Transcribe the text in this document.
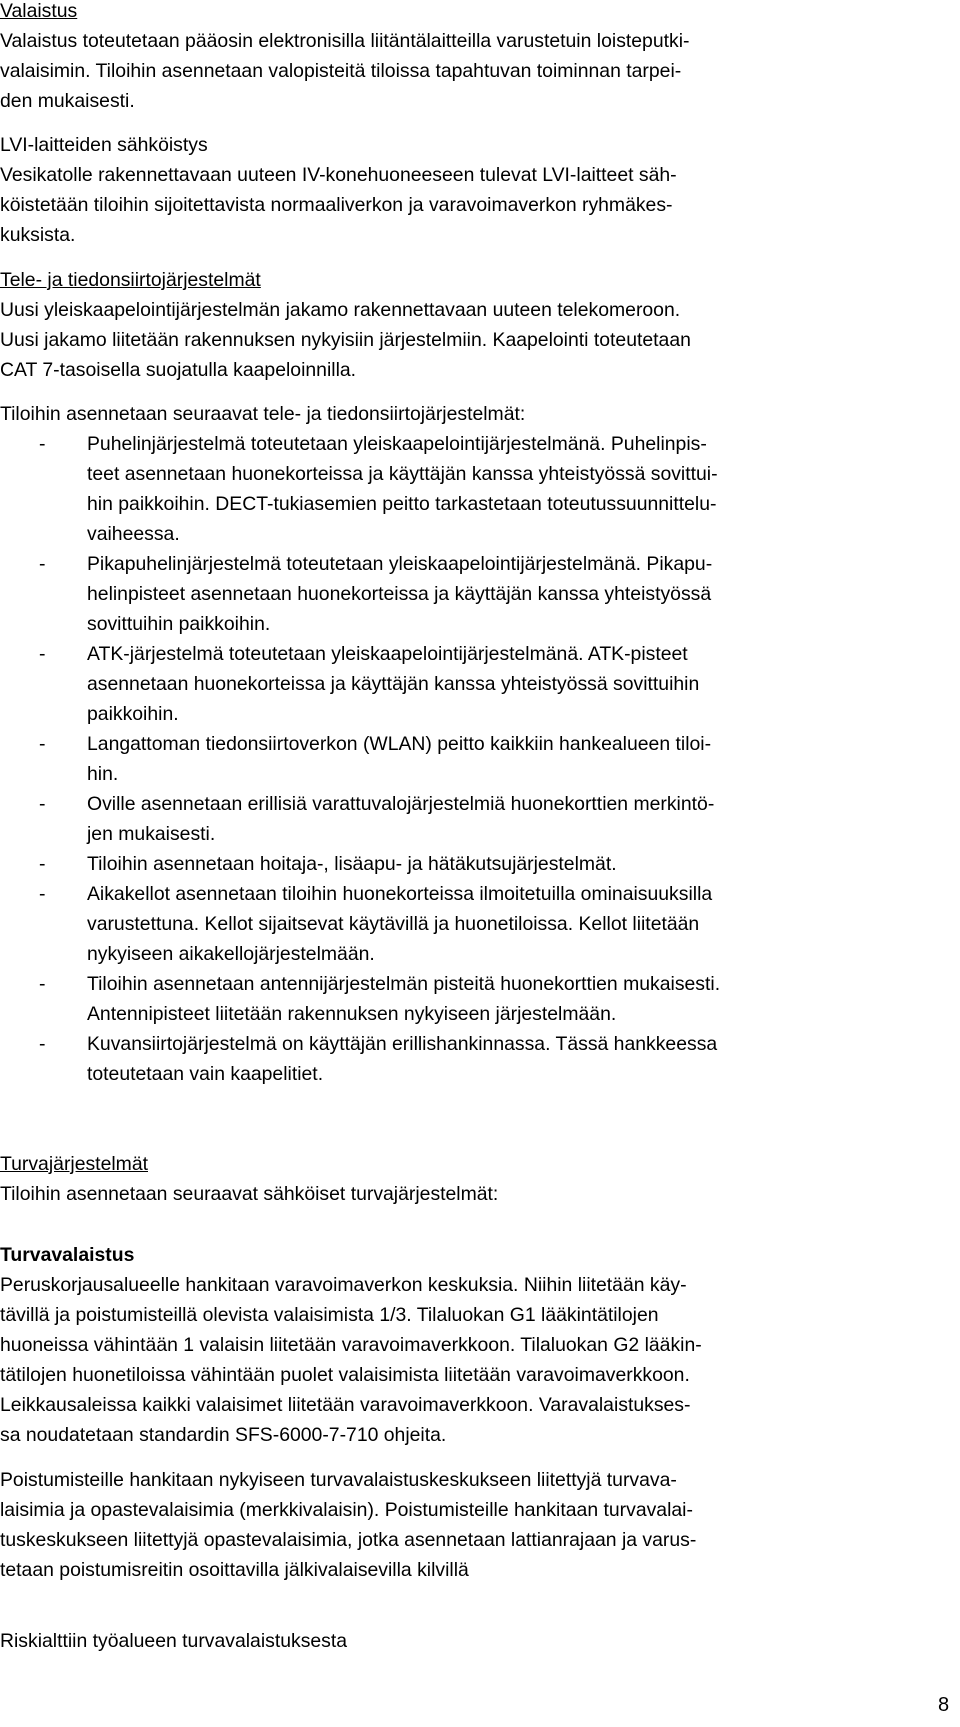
Valaistus
Valaistus toteutetaan pääosin elektronisilla liitäntälaitteilla varustetuin loisteputki-
valaisimin. Tiloihin asennetaan valopisteitä tiloissa tapahtuvan toiminnan tarpei-
den mukaisesti.
LVI-laitteiden sähköistys
Vesikatolle rakennettavaan uuteen IV-konehuoneeseen tulevat LVI-laitteet säh-
köistetään tiloihin sijoitettavista normaaliverkon ja varavoimaverkon ryhmäkes-
kuksista.
Tele- ja tiedonsiirtojärjestelmät
Uusi yleiskaapelointijärjestelmän jakamo rakennettavaan uuteen telekomeroon.
Uusi jakamo liitetään rakennuksen nykyisiin järjestelmiin. Kaapelointi toteutetaan
CAT 7-tasoisella suojatulla kaapeloinnilla.
Tiloihin asennetaan seuraavat tele- ja tiedonsiirtojärjestelmät:
-	Puhelinjärjestelmä toteutetaan yleiskaapelointijärjestelmänä. Puhelinpis-
teet asennetaan huonekorteissa ja käyttäjän kanssa yhteistyössä sovittui-
hin paikkoihin. DECT-tukiasemien peitto tarkastetaan toteutussuunnittelu-
vaiheessa.
-	Pikapuhelinjärjestelmä toteutetaan yleiskaapelointijärjestelmänä. Pikapu-
helinpisteet asennetaan huonekorteissa ja käyttäjän kanssa yhteistyössä
sovittuihin paikkoihin.
-	ATK-järjestelmä toteutetaan yleiskaapelointijärjestelmänä. ATK-pisteet
asennetaan huonekorteissa ja käyttäjän kanssa yhteistyössä sovittuihin
paikkoihin.
-	Langattoman tiedonsiirtoverkon (WLAN) peitto kaikkiin hankealueen tiloi-
hin.
-	Oville asennetaan erillisiä varattuvalojärjestelmiä huonekorttien merkintö-
jen mukaisesti.
-	Tiloihin asennetaan hoitaja-, lisäapu- ja hätäkutsujärjestelmät.
-	Aikakellot asennetaan tiloihin huonekorteissa ilmoitetuilla ominaisuuksilla
varustettuna. Kellot sijaitsevat käytävillä ja huonetiloissa. Kellot liitetään
nykyiseen aikakellojärjestelmään.
-	Tiloihin asennetaan antennijärjestelmän pisteitä huonekorttien mukaisesti.
Antennipisteet liitetään rakennuksen nykyiseen järjestelmään.
-	Kuvansiirtojärjestelmä on käyttäjän erillishankinnassa. Tässä hankkeessa
toteutetaan vain kaapelitiet.
Turvajärjestelmät
Tiloihin asennetaan seuraavat sähköiset turvajärjestelmät:
Turvavalaistus
Peruskorjausalueelle hankitaan varavoimaverkon keskuksia. Niihin liitetään käy-
tävillä ja poistumisteillä olevista valaisimista 1/3. Tilaluokan G1 lääkintätilojen
huoneissa vähintään 1 valaisin liitetään varavoimaverkkoon. Tilaluokan G2 lääkin-
tätilojen huonetiloissa vähintään puolet valaisimista liitetään varavoimaverkkoon.
Leikkausaleissa kaikki valaisimet liitetään varavoimaverkkoon. Varavalaistukses-
sa noudatetaan standardin SFS-6000-7-710 ohjeita.
Poistumisteille hankitaan nykyiseen turvavalaistuskeskukseen liitettyjä turvava-
laisimia ja opastevalaisimia (merkkivalaisin). Poistumisteille hankitaan turvavalai-
tuskeskukseen liitettyjä opastevalaisimia, jotka asennetaan lattianrajaan ja varus-
tetaan poistumisreitin osoittavilla jälkivalaisevilla kilvillä
Riskialttiin työalueen turvavalaistuksesta
8
